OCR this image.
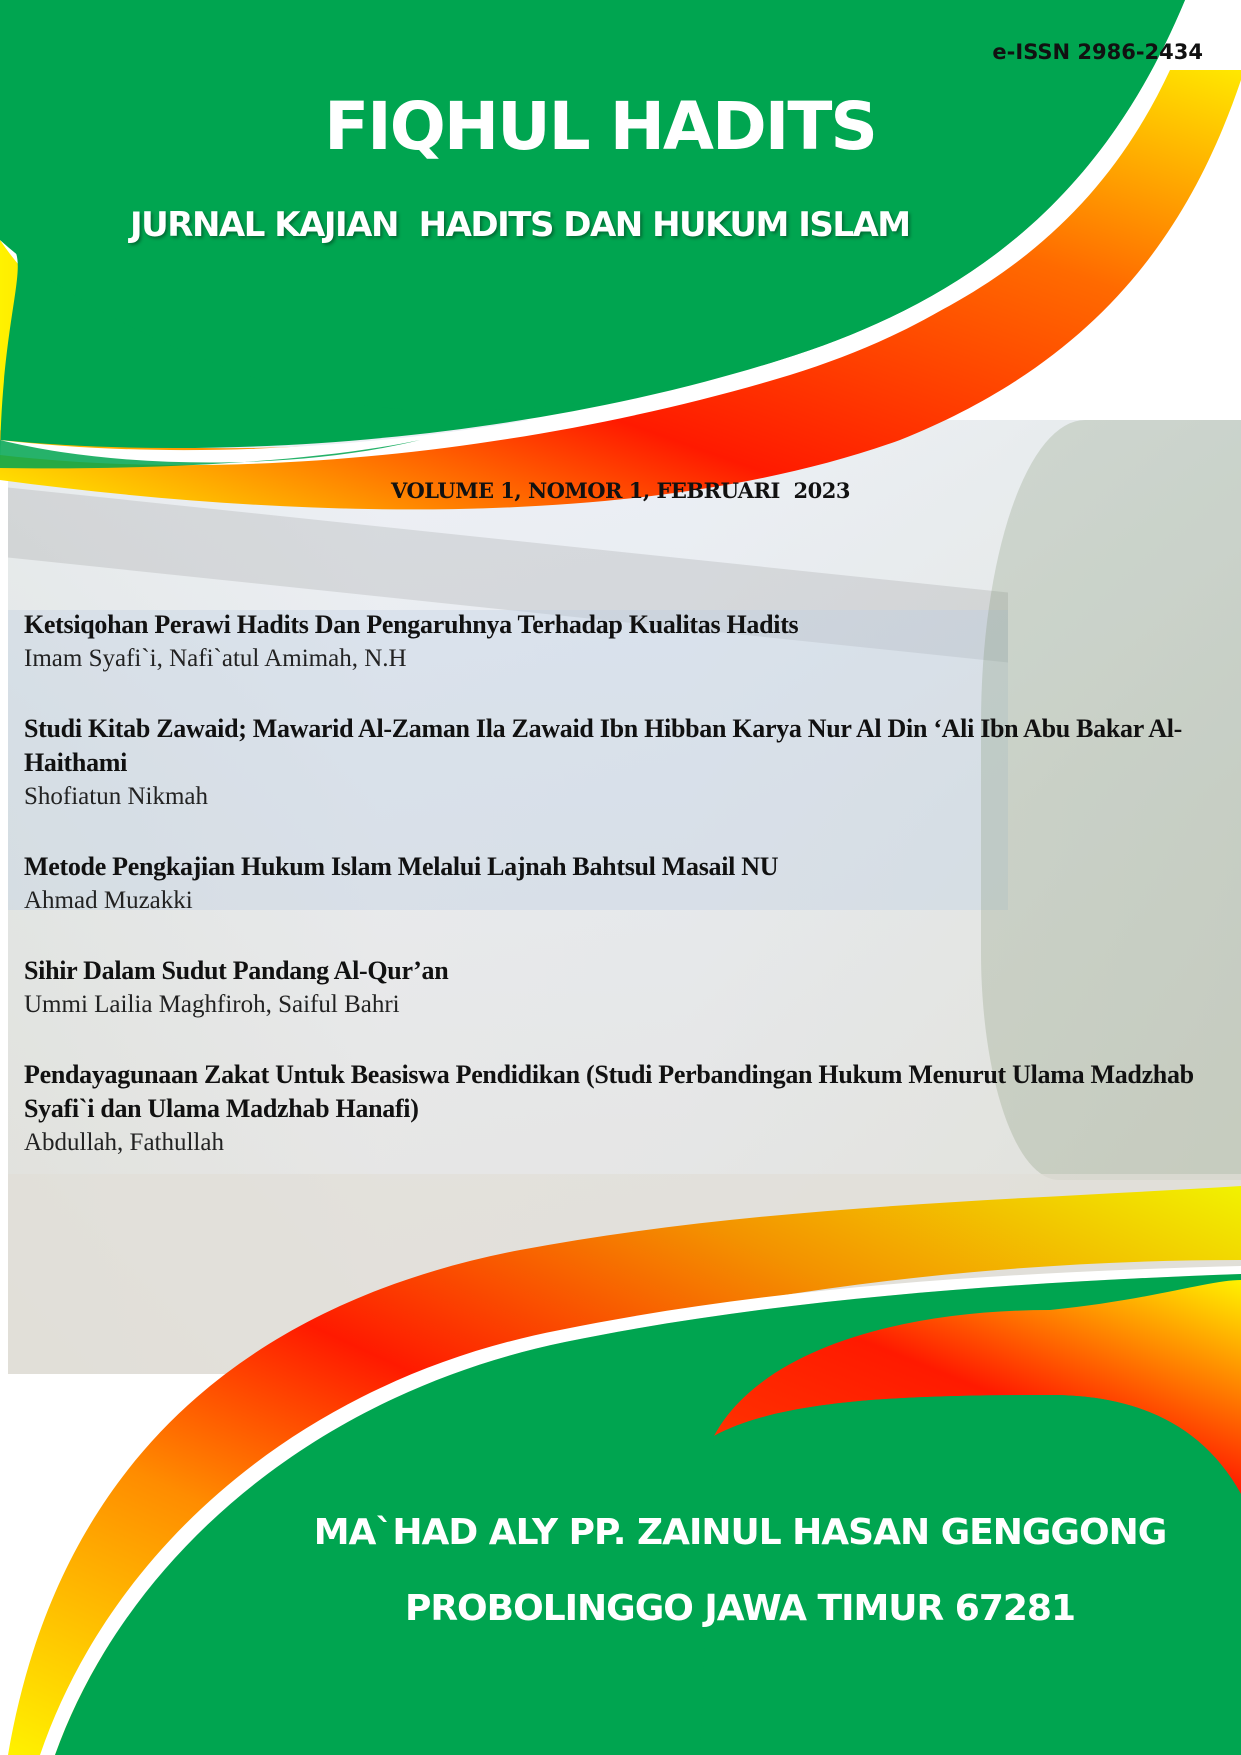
e-ISSN 2986-2434
FIQHUL HADITS
JURNAL KAJIAN  HADITS DAN HUKUM ISLAM
VOLUME 1, NOMOR 1, FEBRUARI  2023
Ketsiqohan Perawi Hadits Dan Pengaruhnya Terhadap Kualitas Hadits
Imam Syafi`i, Nafi`atul Amimah, N.H
Studi Kitab Zawaid; Mawarid Al-Zaman Ila Zawaid Ibn Hibban Karya Nur Al Din ‘Ali Ibn Abu Bakar Al-Haithami
Shofiatun Nikmah
Metode Pengkajian Hukum Islam Melalui Lajnah Bahtsul Masail NU
Ahmad Muzakki
Sihir Dalam Sudut Pandang Al-Qur’an
Ummi Lailia Maghfiroh, Saiful Bahri
Pendayagunaan Zakat Untuk Beasiswa Pendidikan (Studi Perbandingan Hukum Menurut Ulama Madzhab Syafi`i dan Ulama Madzhab Hanafi)
Abdullah, Fathullah
MA`HAD ALY PP. ZAINUL HASAN GENGGONG
PROBOLINGGO JAWA TIMUR 67281
